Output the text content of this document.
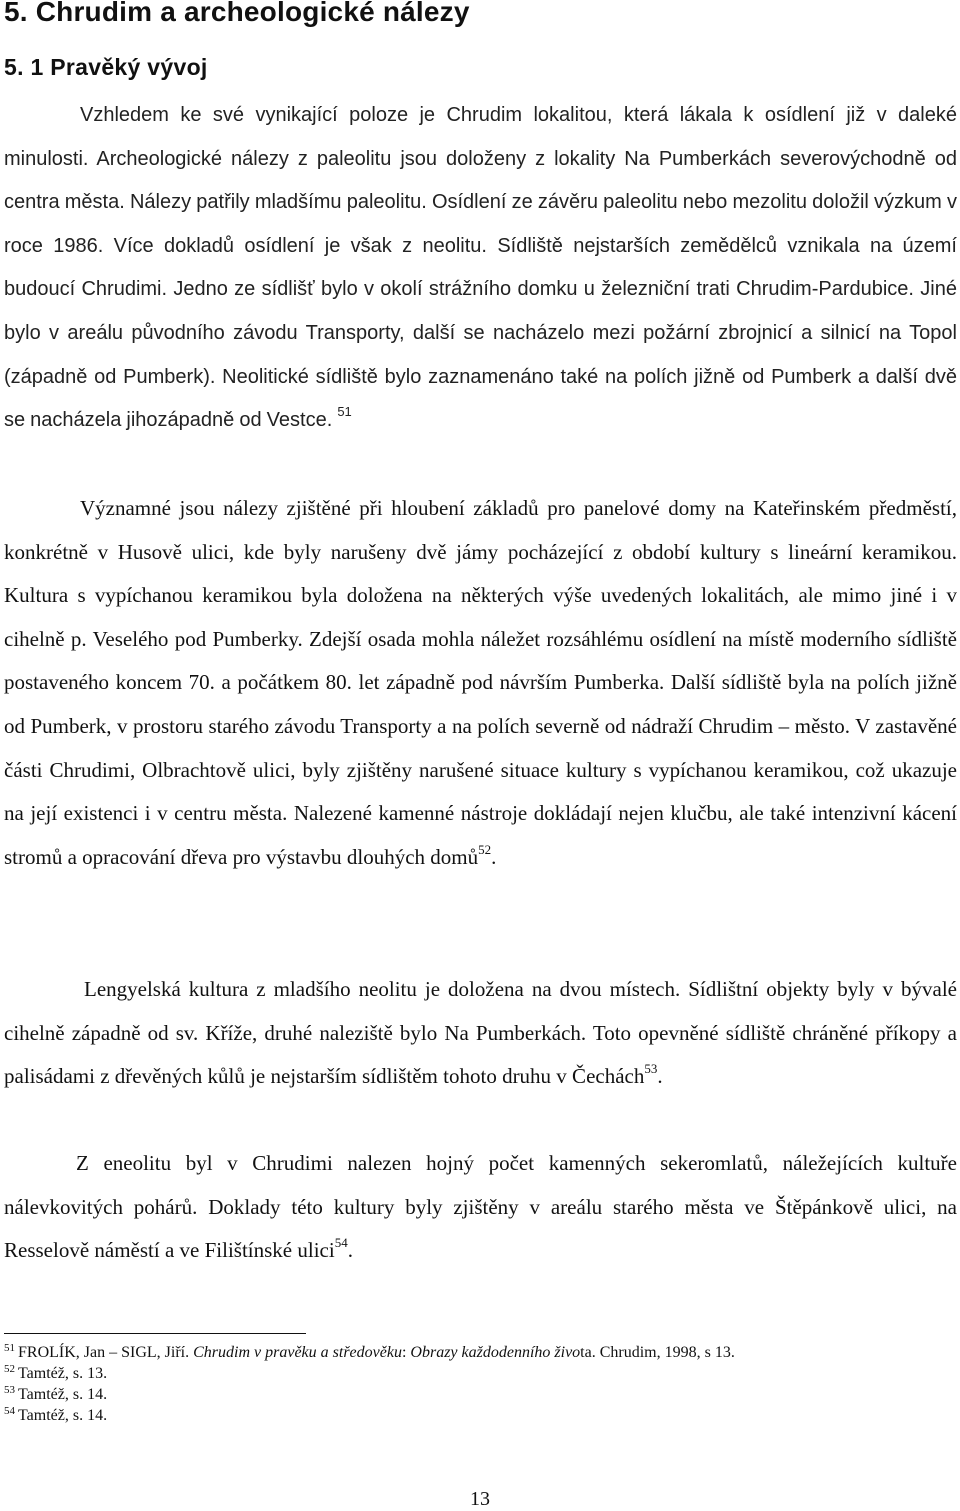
5. Chrudim a archeologické nálezy
5. 1 Pravěký vývoj

Vzhledem ke své vynikající poloze je Chrudim lokalitou, která lákala k osídlení již v daleké minulosti. Archeologické nálezy z paleolitu jsou doloženy z lokality Na Pumberkách severovýchodně od centra města. Nálezy patřily mladšímu paleolitu. Osídlení ze závěru paleolitu nebo mezolitu doložil výzkum v roce 1986. Více dokladů osídlení je však z neolitu. Sídliště nejstarších zemědělců vznikala na území budoucí Chrudimi. Jedno ze sídlišť bylo v okolí strážního domku u železniční trati Chrudim-Pardubice. Jiné bylo v areálu původního závodu Transporty, další se nacházelo mezi požární zbrojnicí a silnicí na Topol (západně od Pumberk). Neolitické sídliště bylo zaznamenáno také na polích jižně od Pumberk a další dvě se nacházela jihozápadně od Vestce. $^{51}$

Významné jsou nálezy zjištěné při hloubení základů pro panelové domy na Kateřinském předměstí, konkrétně v Husově ulici, kde byly narušeny dvě jámy pocházející z období kultury s lineární keramikou. Kultura s vypíchanou keramikou byla doložena na některých výše uvedených lokalitách, ale mimo jiné i v cihelně p. Veselého pod Pumberky. Zdejší osada mohla náležet rozsáhlému osídlení na místě moderního sídliště postaveného koncem 70. a počátkem 80. let západně pod návrším Pumberka. Další sídliště byla na polích jižně od Pumberk, v prostoru starého závodu Transporty a na polích severně od nádraží Chrudim – město. V zastavěné části Chrudimi, Olbrachtově ulici, byly zjištěny narušené situace kultury s vypíchanou keramikou, což ukazuje na její existenci i v centru města. Nalezené kamenné nástroje dokládají nejen klučbu, ale také intenzivní kácení stromů a opracování dřeva pro výstavbu dlouhých domů$^{52}$.

Lengyelská kultura z mladšího neolitu je doložena na dvou místech. Sídlištní objekty byly v bývalé cihelně západně od sv. Kříže, druhé naleziště bylo Na Pumberkách. Toto opevněné sídliště chráněné příkopy a palisádami z dřevěných kůlů je nejstarším sídlištěm tohoto druhu v Čechách$^{53}$.

Z eneolitu byl v Chrudimi nalezen hojný počet kamenných sekeromlatů, náležejících kultuře nálevkovitých pohárů. Doklady této kultury byly zjištěny v areálu starého města ve Štěpánkově ulici, na Resselově náměstí a ve Filištínské ulici$^{54}$.

$^{51}$ FROLÍK, Jan – SIGL, Jiří. Chrudim v pravěku a středověku: Obrazy každodenního života. Chrudim, 1998, s 13.

$^{52}$ Tamtéž, s. 13.

$^{53}$ Tamtéž, s. 14.

$^{54}$ Tamtéž, s. 14.

13
